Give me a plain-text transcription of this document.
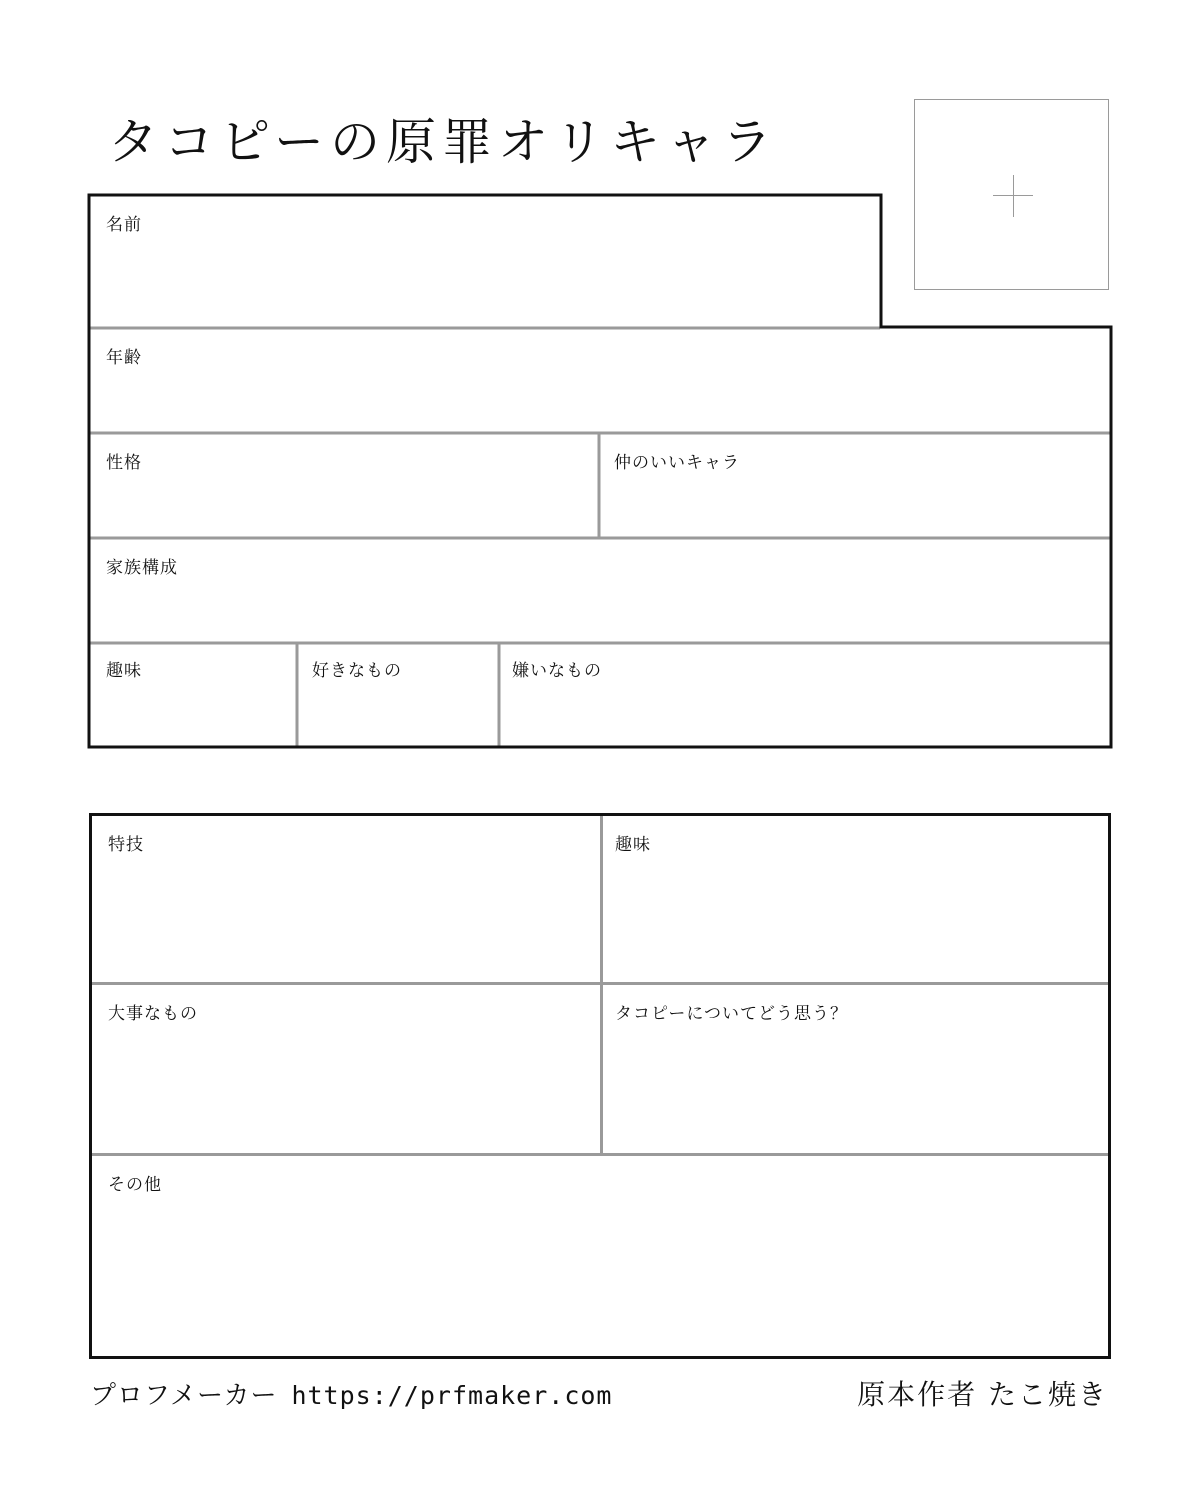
タコピーの原罪オリキャラ
名前
年齢
性格	仲のいいキャラ
家族構成
趣味	好きなもの	嫌いなもの
特技	趣味
大事なもの	タコピーについてどう思う？
その他
プロフメーカー https://prfmaker.com	原本作者 たこ焼き
